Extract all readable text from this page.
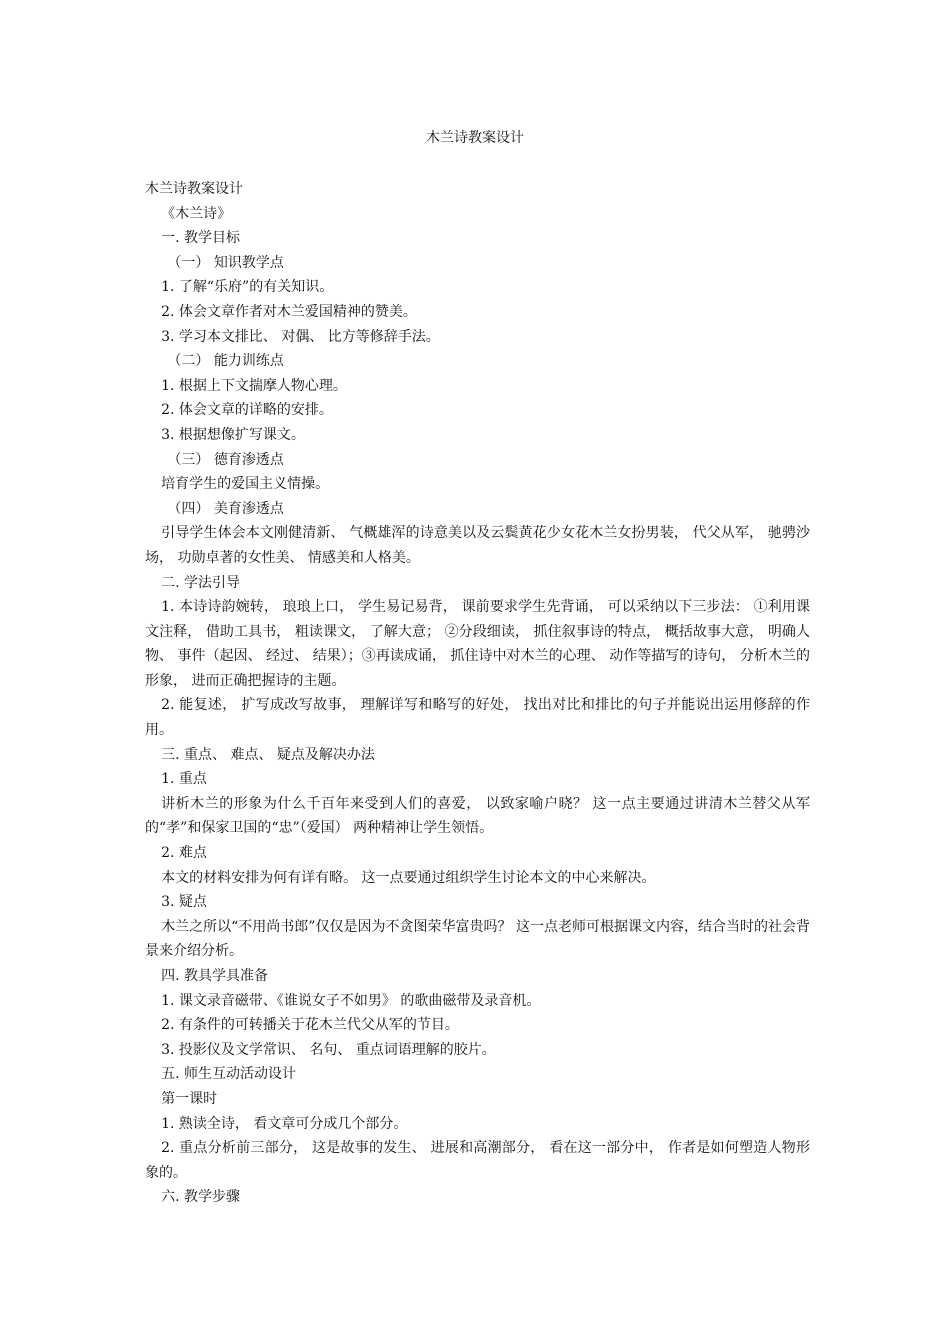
木兰诗教案设计
木兰诗教案设计
《木兰诗》
一. 教学目标
（一） 知识教学点
1. 了解“乐府”的有关知识。
2. 体会文章作者对木兰爱国精神的赞美。
3. 学习本文排比、 对偶、 比方等修辞手法。
（二） 能力训练点
1. 根据上下文揣摩人物心理。
2. 体会文章的详略的安排。
3. 根据想像扩写课文。
（三） 德育渗透点
培育学生的爱国主义情操。
（四） 美育渗透点
引导学生体会本文刚健清新、 气概雄浑的诗意美以及云鬓黄花少女花木兰女扮男装， 代父从军， 驰骋沙场， 功勋卓著的女性美、 情感美和人格美。
二. 学法引导
1. 本诗诗韵婉转， 琅琅上口， 学生易记易背， 课前要求学生先背诵， 可以采纳以下三步法： ①利用课文注释， 借助工具书， 粗读课文， 了解大意； ②分段细读， 抓住叙事诗的特点， 概括故事大意， 明确人物、 事件（起因、 经过、 结果）；③再读成诵， 抓住诗中对木兰的心理、 动作等描写的诗句， 分析木兰的形象， 进而正确把握诗的主题。
2. 能复述， 扩写成改写故事， 理解详写和略写的好处， 找出对比和排比的句子并能说出运用修辞的作用。
三. 重点、 难点、 疑点及解决办法
1. 重点
讲析木兰的形象为什么千百年来受到人们的喜爱， 以致家喻户晓？ 这一点主要通过讲清木兰替父从军的“孝”和保家卫国的“忠”（爱国） 两种精神让学生领悟。
2. 难点
本文的材料安排为何有详有略。 这一点要通过组织学生讨论本文的中心来解决。
3. 疑点
木兰之所以“不用尚书郎”仅仅是因为不贪图荣华富贵吗？ 这一点老师可根据课文内容，结合当时的社会背景来介绍分析。
四. 教具学具准备
1. 课文录音磁带、《谁说女子不如男》 的歌曲磁带及录音机。
2. 有条件的可转播关于花木兰代父从军的节目。
3. 投影仪及文学常识、 名句、 重点词语理解的胶片。
五. 师生互动活动设计
第一课时
1. 熟读全诗， 看文章可分成几个部分。
2. 重点分析前三部分， 这是故事的发生、 进展和高潮部分， 看在这一部分中， 作者是如何塑造人物形象的。
六. 教学步骤
